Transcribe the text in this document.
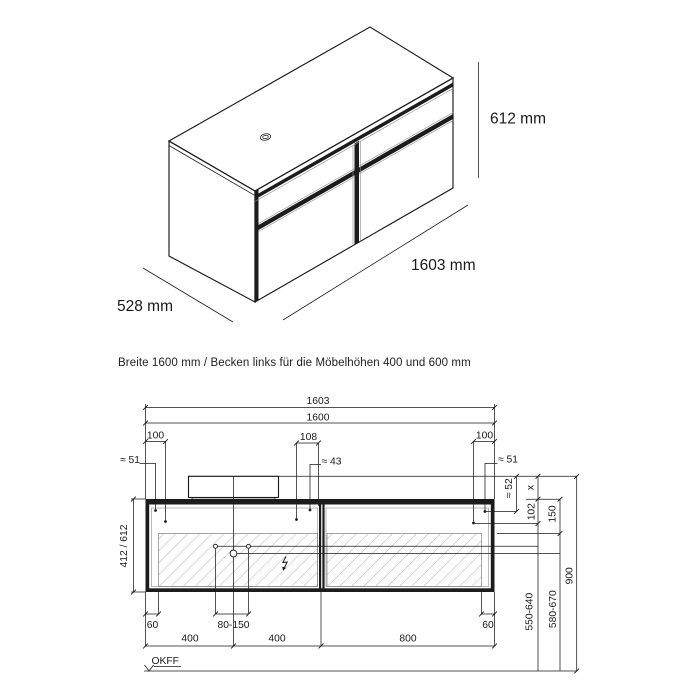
Breite 1600 mm / Becken links für die Möbelhöhen 400 und 600 mm
612 mm
1603 mm
528 mm
1603
1600
100	108	100
≈ 51	≈ 43	≈ 51
≈ 52 x
102 150
412 / 612
900
550-640 580-670
60	80-150	60
400	400	800
OKFF
